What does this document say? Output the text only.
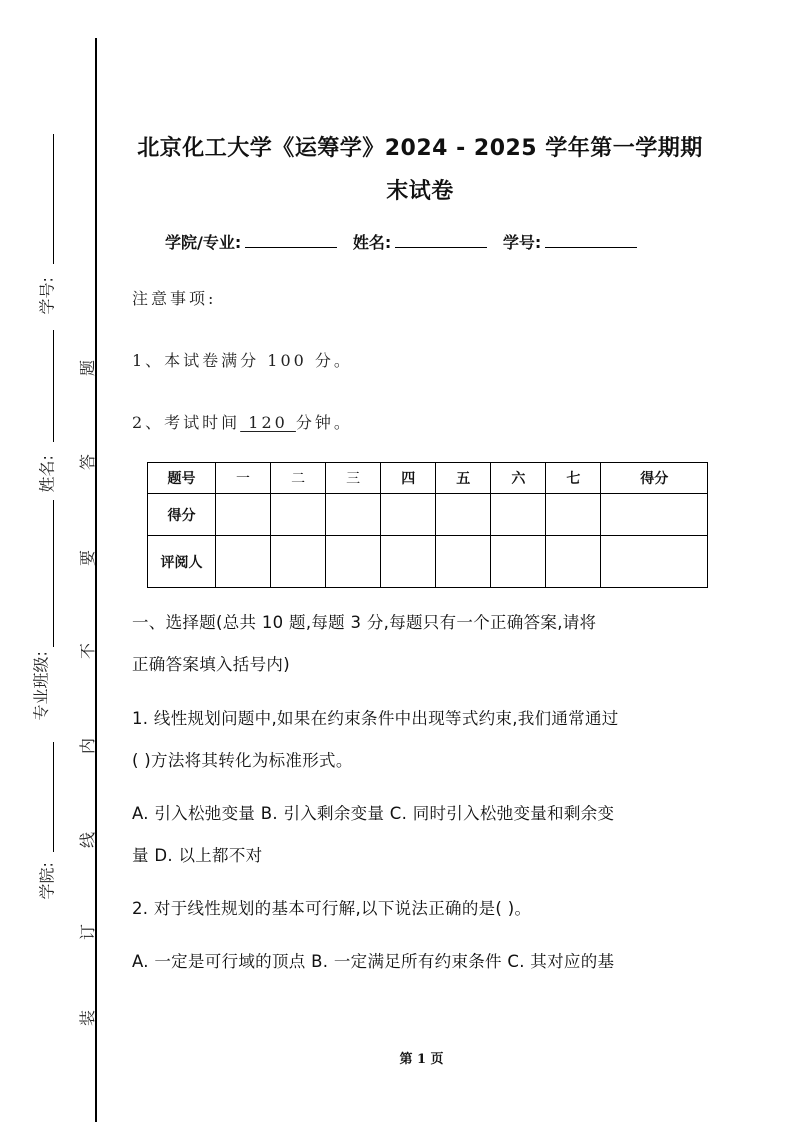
学号:
姓名:
专业班级:
学院:
题
答
要
不
内
线
订
装
北京化工大学《运筹学》2024 - 2025 学年第一学期期
末试卷
学院/专业:	姓名:	学号:
注意事项:
1、本试卷满分 100 分。
2、考试时间 120 分钟。
题号	一	二	三	四	五	六	七	得分
得分								
评阅人								
一、选择题(总共 10 题,每题 3 分,每题只有一个正确答案,请将
正确答案填入括号内)
1. 线性规划问题中,如果在约束条件中出现等式约束,我们通常通过
( )方法将其转化为标准形式。
A. 引入松弛变量 B. 引入剩余变量 C. 同时引入松弛变量和剩余变
量 D. 以上都不对
2. 对于线性规划的基本可行解,以下说法正确的是( )。
A. 一定是可行域的顶点 B. 一定满足所有约束条件 C. 其对应的基
第 1 页
